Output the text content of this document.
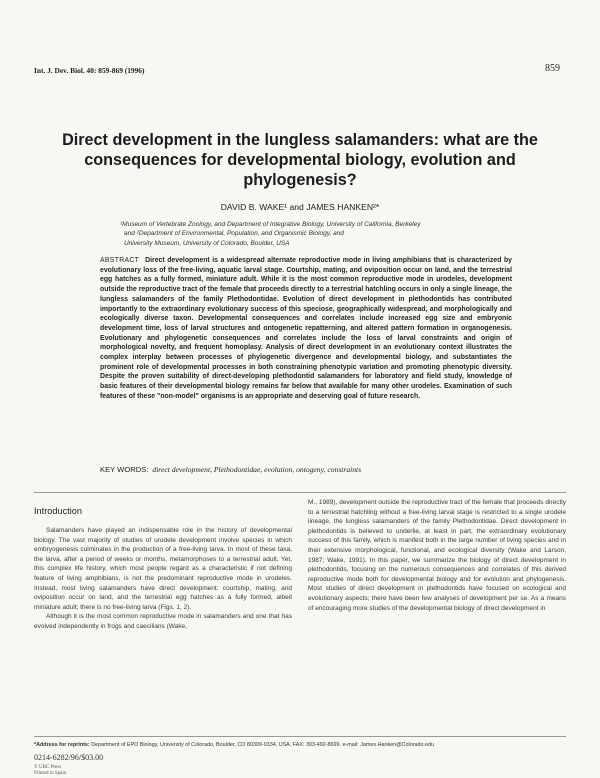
Int. J. Dev. Biol. 40: 859-869 (1996)	859
Direct development in the lungless salamanders: what are the consequences for developmental biology, evolution and phylogenesis?
DAVID B. WAKE¹ and JAMES HANKEN²*

¹Museum of Vertebrate Zoology, and Department of Integrative Biology, University of California, Berkeley

and ²Department of Environmental, Population, and Organismic Biology, and

University Museum, University of Colorado, Boulder, USA

ABSTRACT Direct development is a widespread alternate reproductive mode in living amphibians that is characterized by evolutionary loss of the free-living, aquatic larval stage. Courtship, mating, and oviposition occur on land, and the terrestrial egg hatches as a fully formed, miniature adult. While it is the most common reproductive mode in urodeles, development outside the reproductive tract of the female that proceeds directly to a terrestrial hatchling occurs in only a single lineage, the lungless salamanders of the family Plethodontidae. Evolution of direct development in plethodontids has contributed importantly to the extraordinary evolutionary success of this speciose, geographically widespread, and morphologically and ecologically diverse taxon. Developmental consequences and correlates include increased egg size and embryonic development time, loss of larval structures and ontogenetic repatterning, and altered pattern formation in organogenesis. Evolutionary and phylogenetic consequences and correlates include the loss of larval constraints and origin of morphological novelty, and frequent homoplasy. Analysis of direct development in an evolutionary context illustrates the complex interplay between processes of phylogenetic divergence and developmental biology, and substantiates the prominent role of developmental processes in both constraining phenotypic variation and promoting phenotypic diversity. Despite the proven suitability of direct-developing plethodontid salamanders for laboratory and field study, knowledge of basic features of their developmental biology remains far below that available for many other urodeles. Examination of such features of these "non-model" organisms is an appropriate and deserving goal of future research.
KEY WORDS: direct development, Plethodontidae, evolution, ontogeny, constraints
Introduction

Salamanders have played an indispensable role in the history of developmental biology. The vast majority of studies of urodele development involve species in which embryogenesis culminates in the production of a free-living larva. In most of these taxa, the larva, after a period of weeks or months, metamorphoses to a terrestrial adult. Yet, this complex life history, which most people regard as a characteristic if not defining feature of living amphibians, is not the predominant reproductive mode in urodeles. Instead, most living salamanders have direct development: courtship, mating, and oviposition occur on land, and the terrestrial egg hatches as a fully formed, albeit miniature adult; there is no free-living larva (Figs. 1, 2).

Although it is the most common reproductive mode in salamanders and one that has evolved independently in frogs and caecilians (Wake,

M., 1989), development outside the reproductive tract of the female that proceeds directly to a terrestrial hatchling without a free-living larval stage is restricted to a single urodele lineage, the lungless salamanders of the family Plethodontidae. Direct development in plethodontids is believed to underlie, at least in part, the extraordinary evolutionary success of this family, which is manifest both in the large number of living species and in their extensive morphological, functional, and ecological diversity (Wake and Larson, 1987; Wake, 1991). In this paper, we summarize the biology of direct development in plethodontids, focusing on the numerous consequences and correlates of this derived reproductive mode both for developmental biology and for evolution and phylogenesis. Most studies of direct development in plethodontids have focused on ecological and evolutionary aspects; there have been few analyses of development per se. As a means of encouraging more studies of the developmental biology of direct development in

*Address for reprints: Department of EPO Biology, University of Colorado, Boulder, CO 80309-0334, USA. FAX: 303-492-8699. e-mail: James.Hanken@Colorado.edu
0214-6282/96/$03.00
© UBC Press
Printed in Spain
